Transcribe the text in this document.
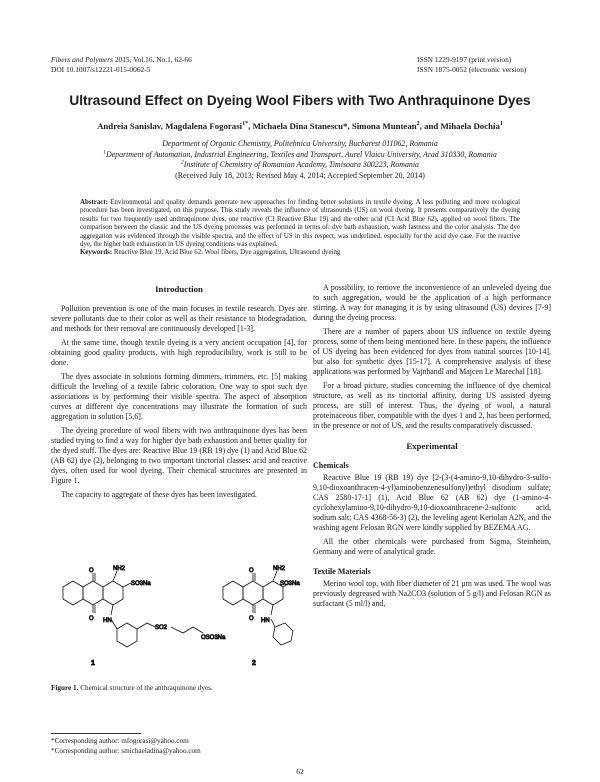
Fibers and Polymers 2015, Vol.16, No.1, 62-66
DOI 10.1007/s12221-015-0062-5
ISSN 1229-9197 (print version)
ISSN 1875-0052 (electronic version)
Ultrasound Effect on Dyeing Wool Fibers with Two Anthraquinone Dyes
Andreia Sanislav, Magdalena Fogorasi$^{1*}$, Michaela Dina Stanescu*, Simona Muntean$^2$, and Mihaela Dochia$^1$
Department of Organic Chemistry, Politehnica University, Bucharest 011062, Romania
$^1$Department of Automation, Industrial Engineering, Textiles and Transport, Aurel Vlaicu University, Arad 310330, Romania
$^2$Institute of Chemistry of Romanian Academy, Timisoara 300223, Romania
(Received July 18, 2013; Revised May 4, 2014; Accepted September 20, 2014)
Abstract: Environmental and quality demands generate new approaches for finding better solutions in textile dyeing. A less polluting and more ecological procedure has been investigated, on this purpose. This study reveals the influence of ultrasounds (US) on wool dyeing. It presents comparatively the dyeing results for two frequently used anthraquinone dyes, one reactive (CI Reactive Blue 19) and the other acid (CI Acid Blue 62), applied on wool fibers. The comparison between the classic and the US dyeing processes was performed in terms of: dye bath exhaustion, wash fastness and the color analysis. The dye aggregation was evidenced through the visible spectra, and the effect of US in this respect, was underlined, especially for the acid dye case. For the reactive dye, the higher bath exhaustion in US dyeing conditions was explained.
Keywords: Reactive Blue 19, Acid Blue 62, Wool fibers, Dye aggregation, Ultrasound dyeing
Introduction

Pollution prevention is one of the main focuses in textile research. Dyes are severe pollutants due to their color as well as their resistance to biodegradation, and methods for their removal are continuously developed [1-3].

At the same time, though textile dyeing is a very ancient occupation [4], for obtaining good quality products, with high reproducibility, work is still to be done.

The dyes associate in solutions forming dimmers, trimmers, etc. [5] making difficult the leveling of a textile fabric coloration. One way to spot such dye associations is by performing their visible spectra. The aspect of absorption curves at different dye concentrations may illustrate the formation of such aggregation in solution [5,6].

The dyeing procedure of wool fibers with two anthraquinone dyes has been studied trying to find a way for higher dye bath exhaustion and better quality for the dyed stuff. The dyes are: Reactive Blue 19 (RB 19) dye (1) and Acid Blue 62 (AB 62) dye (2), belonging to two important tinctorial classes: acid and reactive dyes, often used for wool dyeing. Their chemical structures are presented in Figure 1.

The capacity to aggregate of these dyes has been investigated.

O
O
NH2
SO3Na
HN
SO2
OSO3Na
1
O
O
NH2
SO3Na
HN
2
Figure 1. Chemical structure of the anthraquinone dyes.
*Corresponding author: mfogorasi@yahoo.com
*Corresponding author: smichaeladina@yahoo.com

A possibility, to remove the inconvenience of an unleveled dyeing due to such aggregation, would be the application of a high performance stirring. A way for managing it is by using ultrasound (US) devices [7-9] during the dyeing process.

There are a number of papers about US influence on textile dyeing process, some of them being mentioned here. In these papers, the influence of US dyeing has been evidenced for dyes from natural sources [10-14], but also for synthetic dyes [15-17]. A comprehensive analysis of these applications was performed by Vajnhandl and Majcen Le Marechal [18].

For a broad picture, studies concerning the influence of dye chemical structure, as well as its tinctorial affinity, during US assisted dyeing process, are still of interest. Thus, the dyeing of wool, a natural proteinaceous fiber, compatible with the dyes 1 and 2, has been performed, in the presence or not of US, and the results comparatively discussed.

Experimental
Chemicals

Reactive Blue 19 (RB 19) dye [2-(3-(4-amino-9,10-dihydro-3-sulfo-9,10-dioxoanthracen-4-yl)aminobenzenesulfonyl)ethyl disodium sulfate; CAS 2580-17-1] (1), Acid Blue 62 (AB 62) dye (1-amino-4-cyclohexylamino-9,10-dihydro-9,10-dioxoanthracene-2-sulfonic acid, sodium salt; CAS 4368-56-3) (2), the leveling agent Keriolan A2N, and the washing agent Felosan RGN were kindly supplied by BEZEMA AG.

All the other chemicals were purchased from Sigma, Steinheim, Germany and were of analytical grade.

Textile Materials

Merino wool top, with fiber diameter of 21 μm was used. The wool was previously degreased with Na2CO3 (solution of 5 g/l) and Felosan RGN as surfactant (5 ml/l) and,

62
